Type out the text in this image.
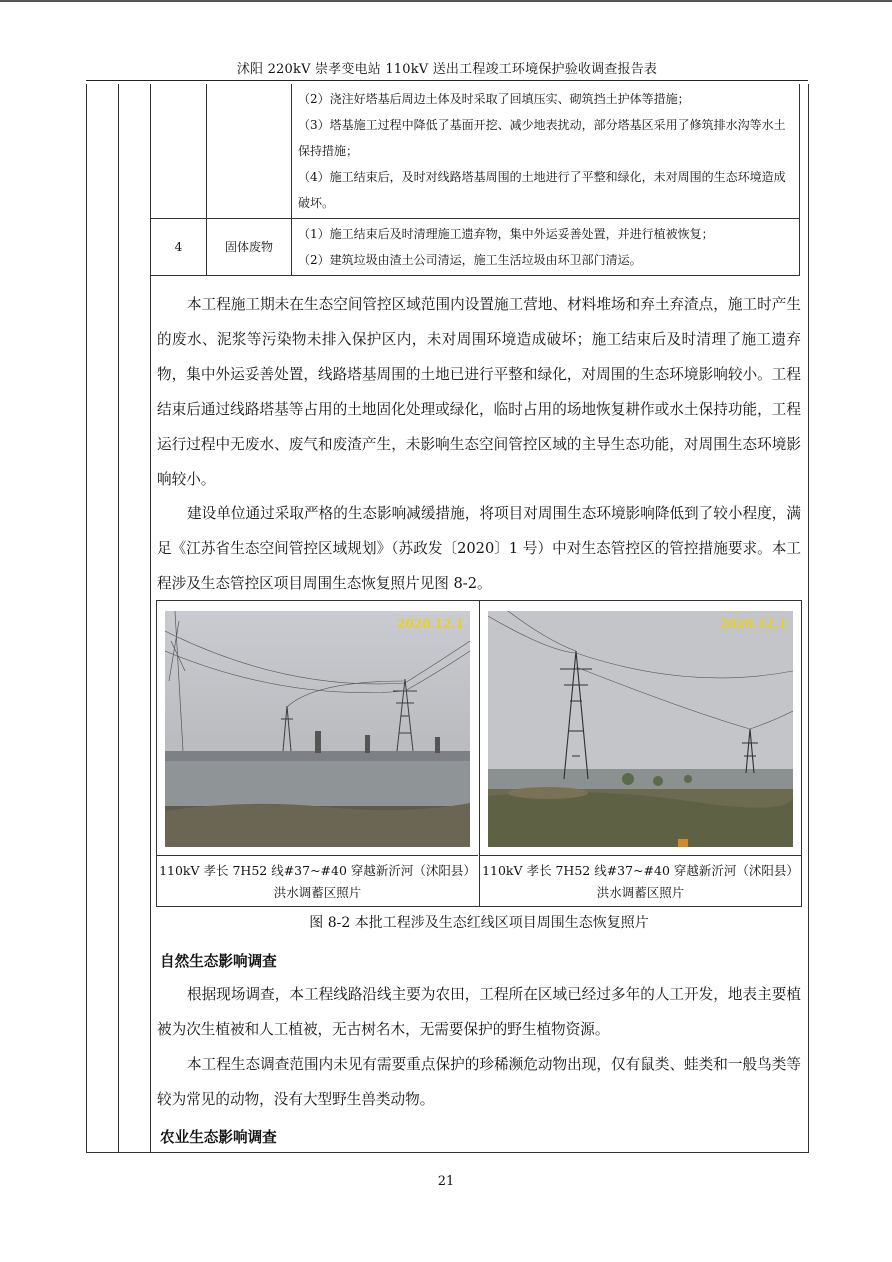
沭阳 220kV 崇孝变电站 110kV 送出工程竣工环境保护验收调查报告表

		（2）浇注好塔基后周边土体及时采取了回填压实、砌筑挡土护体等措施；
（3）塔基施工过程中降低了基面开挖、减少地表扰动，部分塔基区采用了修筑排水沟等水土保持措施；
（4）施工结束后，及时对线路塔基周围的土地进行了平整和绿化，未对周围的生态环境造成破坏。

4	固体废物	（1）施工结束后及时清理施工遗弃物，集中外运妥善处置，并进行植被恢复；
（2）建筑垃圾由渣土公司清运，施工生活垃圾由环卫部门清运。
本工程施工期未在生态空间管控区域范围内设置施工营地、材料堆场和弃土弃渣点，施工时产生的废水、泥浆等污染物未排入保护区内，未对周围环境造成破坏；施工结束后及时清理了施工遗弃物，集中外运妥善处置，线路塔基周围的土地已进行平整和绿化，对周围的生态环境影响较小。工程结束后通过线路塔基等占用的土地固化处理或绿化，临时占用的场地恢复耕作或水土保持功能，工程运行过程中无废水、废气和废渣产生，未影响生态空间管控区域的主导生态功能，对周围生态环境影响较小。
建设单位通过采取严格的生态影响减缓措施，将项目对周围生态环境影响降低到了较小程度，满足《江苏省生态空间管控区域规划》（苏政发〔2020〕1 号）中对生态管控区的管控措施要求。本工程涉及生态管控区项目周围生态恢复照片见图 8-2。
2020.12.1
110kV 孝长 7H52 线#37~#40 穿越新沂河（沭阳县）
洪水调蓄区照片
2020.12.1
110kV 孝长 7H52 线#37~#40 穿越新沂河（沭阳县）
洪水调蓄区照片
图 8-2 本批工程涉及生态红线区项目周围生态恢复照片
自然生态影响调查
根据现场调查，本工程线路沿线主要为农田，工程所在区域已经过多年的人工开发，地表主要植被为次生植被和人工植被，无古树名木，无需要保护的野生植物资源。
本工程生态调查范围内未见有需要重点保护的珍稀濒危动物出现，仅有鼠类、蛙类和一般鸟类等较为常见的动物，没有大型野生兽类动物。
农业生态影响调查
21
